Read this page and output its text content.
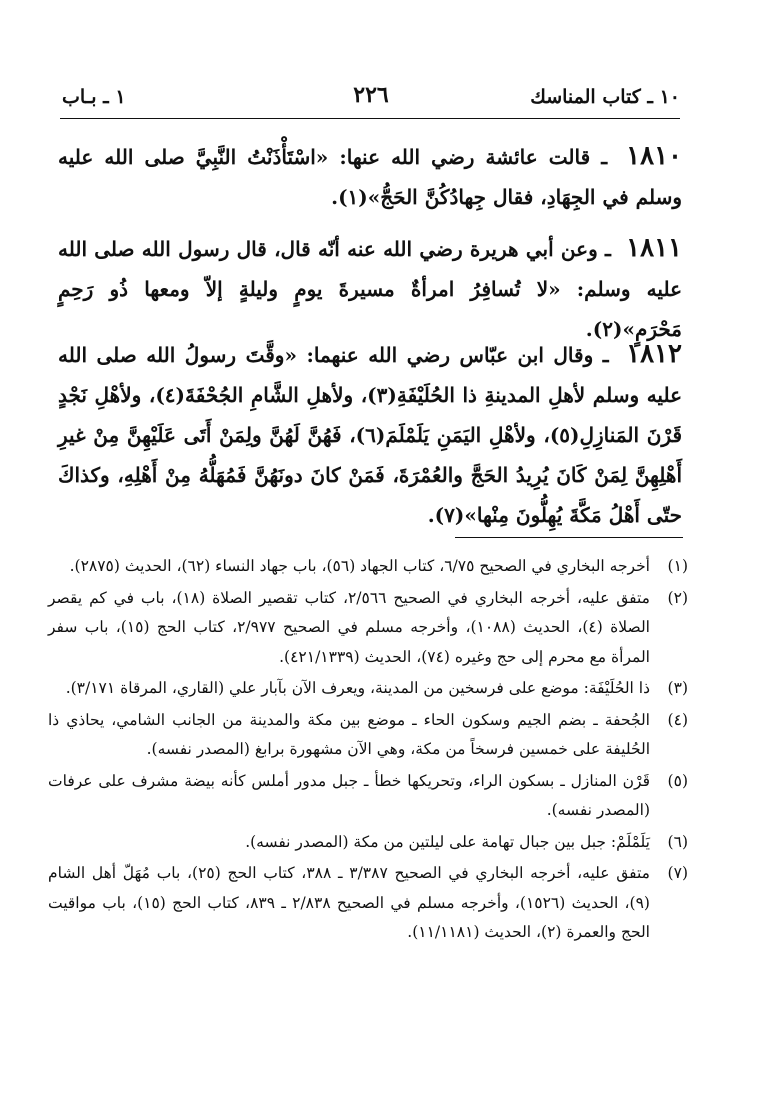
١٠ ـ كتاب المناسك
٢٢٦
١ ـ بـاب
١٨١٠ ـ قالت عائشة رضي الله عنها: «اسْتَأْذَنْتُ النَّبِيَّ صلى الله عليه وسلم في الجِهَادِ، فقال جِهادُكُنَّ الحَجُّ»(١).
١٨١١ ـ وعن أبي هريرة رضي الله عنه أنّه قال، قال رسول الله صلى الله عليه وسلم: «لا تُسافِرُ امرأةٌ مسيرةَ يومٍ وليلةٍ إلاّ ومعها ذُو رَحِمٍ مَحْرَمٍ»(٢).
١٨١٢ ـ وقال ابن عبّاس رضي الله عنهما: «وقَّتَ رسولُ الله صلى الله عليه وسلم لأهلِ المدينةِ ذا الحُلَيْفَةِ(٣)، ولأهلِ الشَّامِ الجُحْفَةَ(٤)، ولأهْلِ نَجْدٍ قَرْنَ المَنازِلِ(٥)، ولأهْلِ اليَمَنِ يَلَمْلَمَ(٦)، فَهُنَّ لَهُنَّ ولِمَنْ أَتَى عَلَيْهِنَّ مِنْ غيرِ أَهْلِهِنَّ لِمَنْ كَانَ يُرِيدُ الحَجَّ والعُمْرَةَ، فَمَنْ كانَ دونَهُنَّ فَمُهَلُّهُ مِنْ أَهْلِهِ، وكذاكَ حتّى أَهْلُ مَكَّةَ يُهِلُّونَ مِنْها»(٧).
(١)
أخرجه البخاري في الصحيح ٦/٧٥، كتاب الجهاد (٥٦)، باب جهاد النساء (٦٢)، الحديث (٢٨٧٥).
(٢)
متفق عليه، أخرجه البخاري في الصحيح ٢/٥٦٦، كتاب تقصير الصلاة (١٨)، باب في كم يقصر الصلاة (٤)، الحديث (١٠٨٨)، وأخرجه مسلم في الصحيح ٢/٩٧٧، كتاب الحج (١٥)، باب سفر المرأة مع محرم إلى حج وغيره (٧٤)، الحديث (٤٢١/١٣٣٩).
(٣)
ذا الحُلَيْفَة: موضع على فرسخين من المدينة، ويعرف الآن بآبار علي (القاري، المرقاة ٣/١٧١).
(٤)
الجُحفة ـ بضم الجيم وسكون الحاء ـ موضع بين مكة والمدينة من الجانب الشامي، يحاذي ذا الحُليفة على خمسين فرسخاً من مكة، وهي الآن مشهورة برابغ (المصدر نفسه).
(٥)
قَرْن المنازل ـ بسكون الراء، وتحريكها خطأ ـ جبل مدور أملس كأنه بيضة مشرف على عرفات (المصدر نفسه).
(٦)
يَلَمْلَمْ: جبل بين جبال تهامة على ليلتين من مكة (المصدر نفسه).
(٧)
متفق عليه، أخرجه البخاري في الصحيح ٣/٣٨٧ ـ ٣٨٨، كتاب الحج (٢٥)، باب مُهَلّ أهل الشام (٩)، الحديث (١٥٢٦)، وأخرجه مسلم في الصحيح ٢/٨٣٨ ـ ٨٣٩، كتاب الحج (١٥)، باب مواقيت الحج والعمرة (٢)، الحديث (١١/١١٨١).
